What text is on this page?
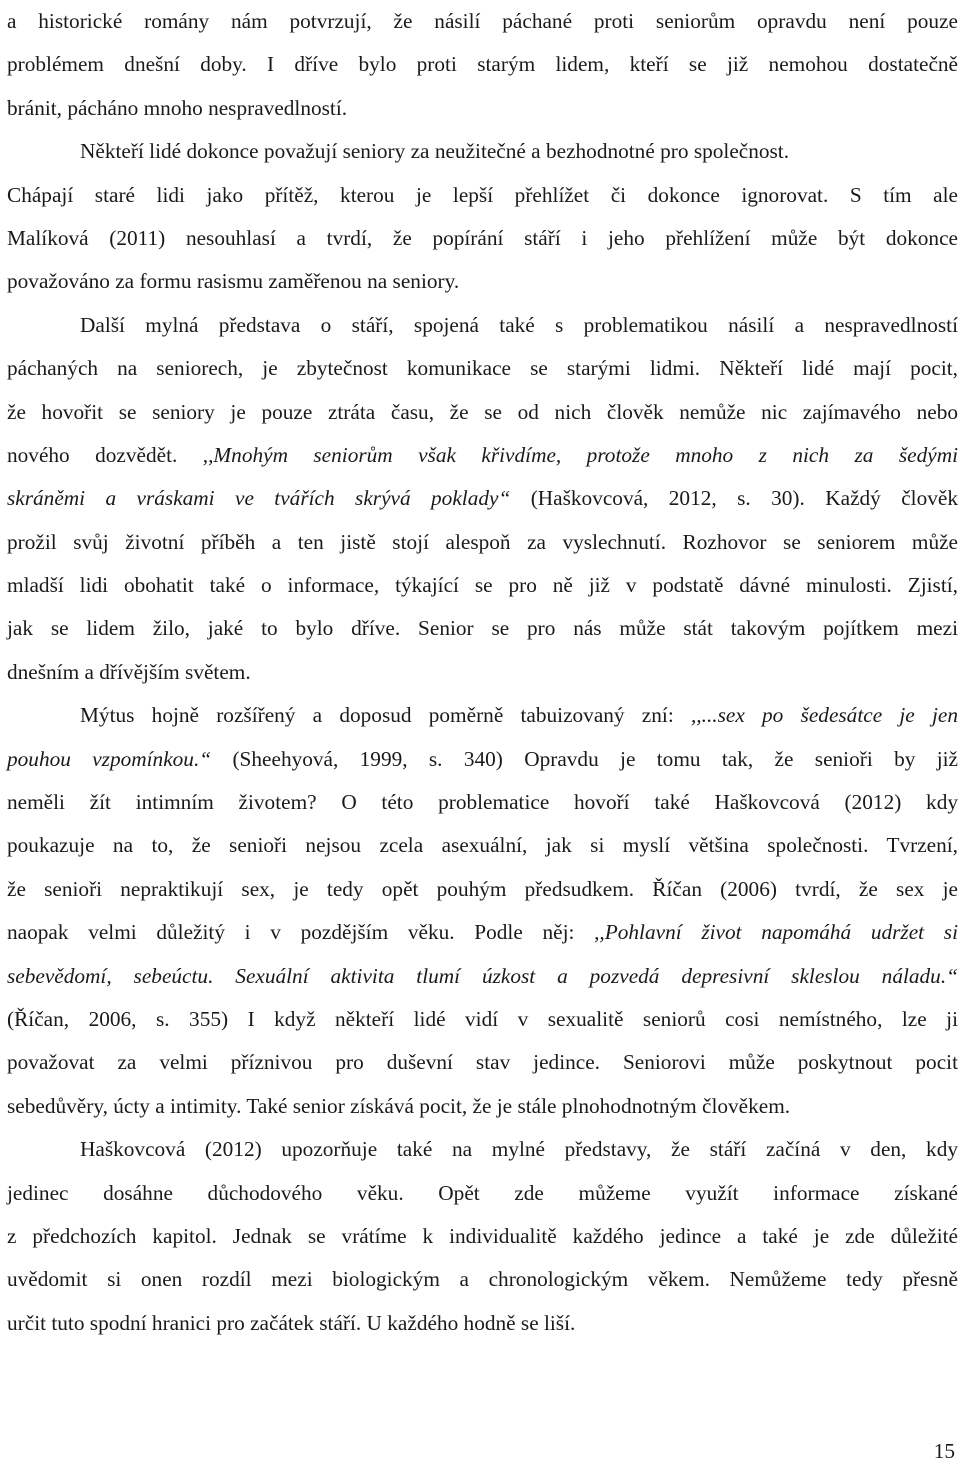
a historické romány nám potvrzují, že násilí páchané proti seniorům opravdu není pouze
problémem dnešní doby. I dříve bylo proti starým lidem, kteří se již nemohou dostatečně
bránit, pácháno mnoho nespravedlností.
Někteří lidé dokonce považují seniory za neužitečné a bezhodnotné pro společnost.
Chápají staré lidi jako přítěž, kterou je lepší přehlížet či dokonce ignorovat. S tím ale
Malíková (2011) nesouhlasí a tvrdí, že popírání stáří i jeho přehlížení může být dokonce
považováno za formu rasismu zaměřenou na seniory.
Další mylná představa o stáří, spojená také s problematikou násilí a nespravedlností
páchaných na seniorech, je zbytečnost komunikace se starými lidmi. Někteří lidé mají pocit,
že hovořit se seniory je pouze ztráta času, že se od nich člověk nemůže nic zajímavého nebo
nového dozvědět. ,,Mnohým seniorům však křivdíme, protože mnoho z nich za šedými
skráněmi a vráskami ve tvářích skrývá poklady“ (Haškovcová, 2012, s. 30). Každý člověk
prožil svůj životní příběh a ten jistě stojí alespoň za vyslechnutí. Rozhovor se seniorem může
mladší lidi obohatit také o informace, týkající se pro ně již v podstatě dávné minulosti. Zjistí,
jak se lidem žilo, jaké to bylo dříve. Senior se pro nás může stát takovým pojítkem mezi
dnešním a dřívějším světem.
Mýtus hojně rozšířený a doposud poměrně tabuizovaný zní: ,,...sex po šedesátce je jen
pouhou vzpomínkou.“ (Sheehyová, 1999, s. 340) Opravdu je tomu tak, že senioři by již
neměli žít intimním životem? O této problematice hovoří také Haškovcová (2012) kdy
poukazuje na to, že senioři nejsou zcela asexuální, jak si myslí většina společnosti. Tvrzení,
že senioři nepraktikují sex, je tedy opět pouhým předsudkem. Říčan (2006) tvrdí, že sex je
naopak velmi důležitý i v pozdějším věku. Podle něj: ,,Pohlavní život napomáhá udržet si
sebevědomí, sebeúctu. Sexuální aktivita tlumí úzkost a pozvedá depresivní skleslou náladu.“
(Říčan, 2006, s. 355) I když někteří lidé vidí v sexualitě seniorů cosi nemístného, lze ji
považovat za velmi příznivou pro duševní stav jedince. Seniorovi může poskytnout pocit
sebedůvěry, úcty a intimity. Také senior získává pocit, že je stále plnohodnotným člověkem.
Haškovcová (2012) upozorňuje také na mylné představy, že stáří začíná v den, kdy
jedinec dosáhne důchodového věku. Opět zde můžeme využít informace získané
z předchozích kapitol. Jednak se vrátíme k individualitě každého jedince a také je zde důležité
uvědomit si onen rozdíl mezi biologickým a chronologickým věkem. Nemůžeme tedy přesně
určit tuto spodní hranici pro začátek stáří. U každého hodně se liší.
15
